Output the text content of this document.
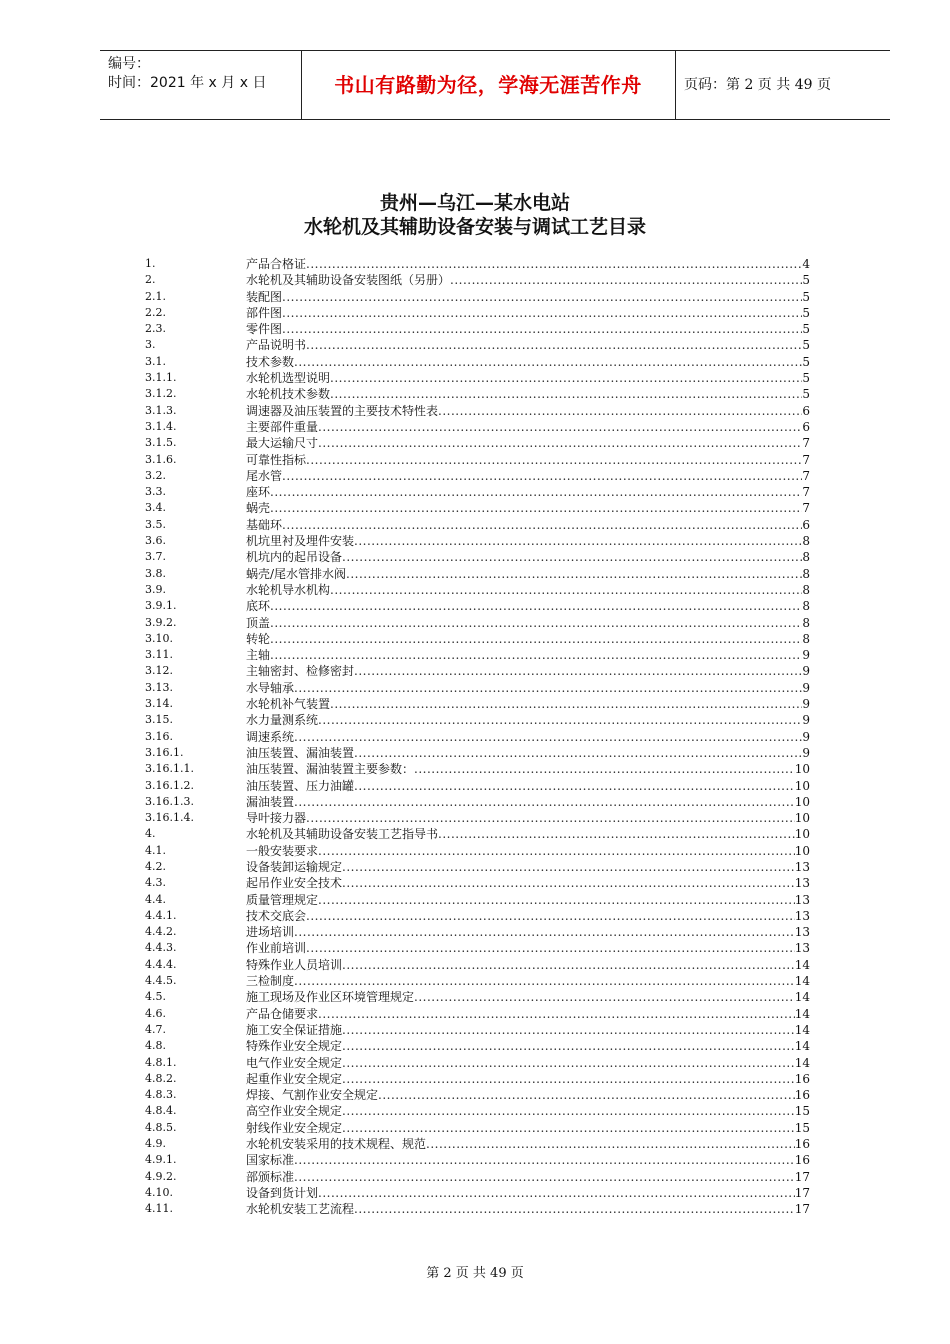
编号：
时间：2021 年 x 月 x 日	书山有路勤为径，学海无涯苦作舟	页码：第 2 页 共 49 页
贵州—乌江—某水电站
水轮机及其辅助设备安装与调试工艺目录
1.	产品合格证 .....	4
2.	水轮机及其辅助设备安装图纸（另册） .....	5
2.1.	装配图 .....	5
2.2.	部件图 .....	5
2.3.	零件图 .....	5
3.	产品说明书 .....	5
3.1.	技术参数 .....	5
3.1.1.	水轮机选型说明 .....	5
3.1.2.	水轮机技术参数 .....	5
3.1.3.	调速器及油压装置的主要技术特性表 .....	6
3.1.4.	主要部件重量 .....	6
3.1.5.	最大运输尺寸 .....	7
3.1.6.	可靠性指标 .....	7
3.2.	尾水管 .....	7
3.3.	座环 .....	7
3.4.	蜗壳 .....	7
3.5.	基础环 .....	6
3.6.	机坑里衬及埋件安装 .....	8
3.7.	机坑内的起吊设备 .....	8
3.8.	蜗壳/尾水管排水阀 .....	8
3.9.	水轮机导水机构 .....	8
3.9.1.	底环 .....	8
3.9.2.	顶盖 .....	8
3.10.	转轮 .....	8
3.11.	主轴 .....	9
3.12.	主轴密封、检修密封 .....	9
3.13.	水导轴承 .....	9
3.14.	水轮机补气装置 .....	9
3.15.	水力量测系统 .....	9
3.16.	调速系统 .....	9
3.16.1.	油压装置、漏油装置 .....	9
3.16.1.1.	油压装置、漏油装置主要参数： .....	10
3.16.1.2.	油压装置、压力油罐 .....	10
3.16.1.3.	漏油装置 .....	10
3.16.1.4.	导叶接力器 .....	10
4.	水轮机及其辅助设备安装工艺指导书 .....	10
4.1.	一般安装要求 .....	10
4.2.	设备装卸运输规定 .....	13
4.3.	起吊作业安全技术 .....	13
4.4.	质量管理规定 .....	13
4.4.1.	技术交底会 .....	13
4.4.2.	进场培训 .....	13
4.4.3.	作业前培训 .....	13
4.4.4.	特殊作业人员培训 .....	14
4.4.5.	三检制度 .....	14
4.5.	施工现场及作业区环境管理规定 .....	14
4.6.	产品仓储要求 .....	14
4.7.	施工安全保证措施 .....	14
4.8.	特殊作业安全规定 .....	14
4.8.1.	电气作业安全规定 .....	14
4.8.2.	起重作业安全规定 .....	16
4.8.3.	焊接、气割作业安全规定 .....	16
4.8.4.	高空作业安全规定 .....	15
4.8.5.	射线作业安全规定 .....	15
4.9.	水轮机安装采用的技术规程、规范 .....	16
4.9.1.	国家标准 .....	16
4.9.2.	部颁标准 .....	17
4.10.	设备到货计划 .....	17
4.11.	水轮机安装工艺流程 .....	17
第 2 页 共 49 页
